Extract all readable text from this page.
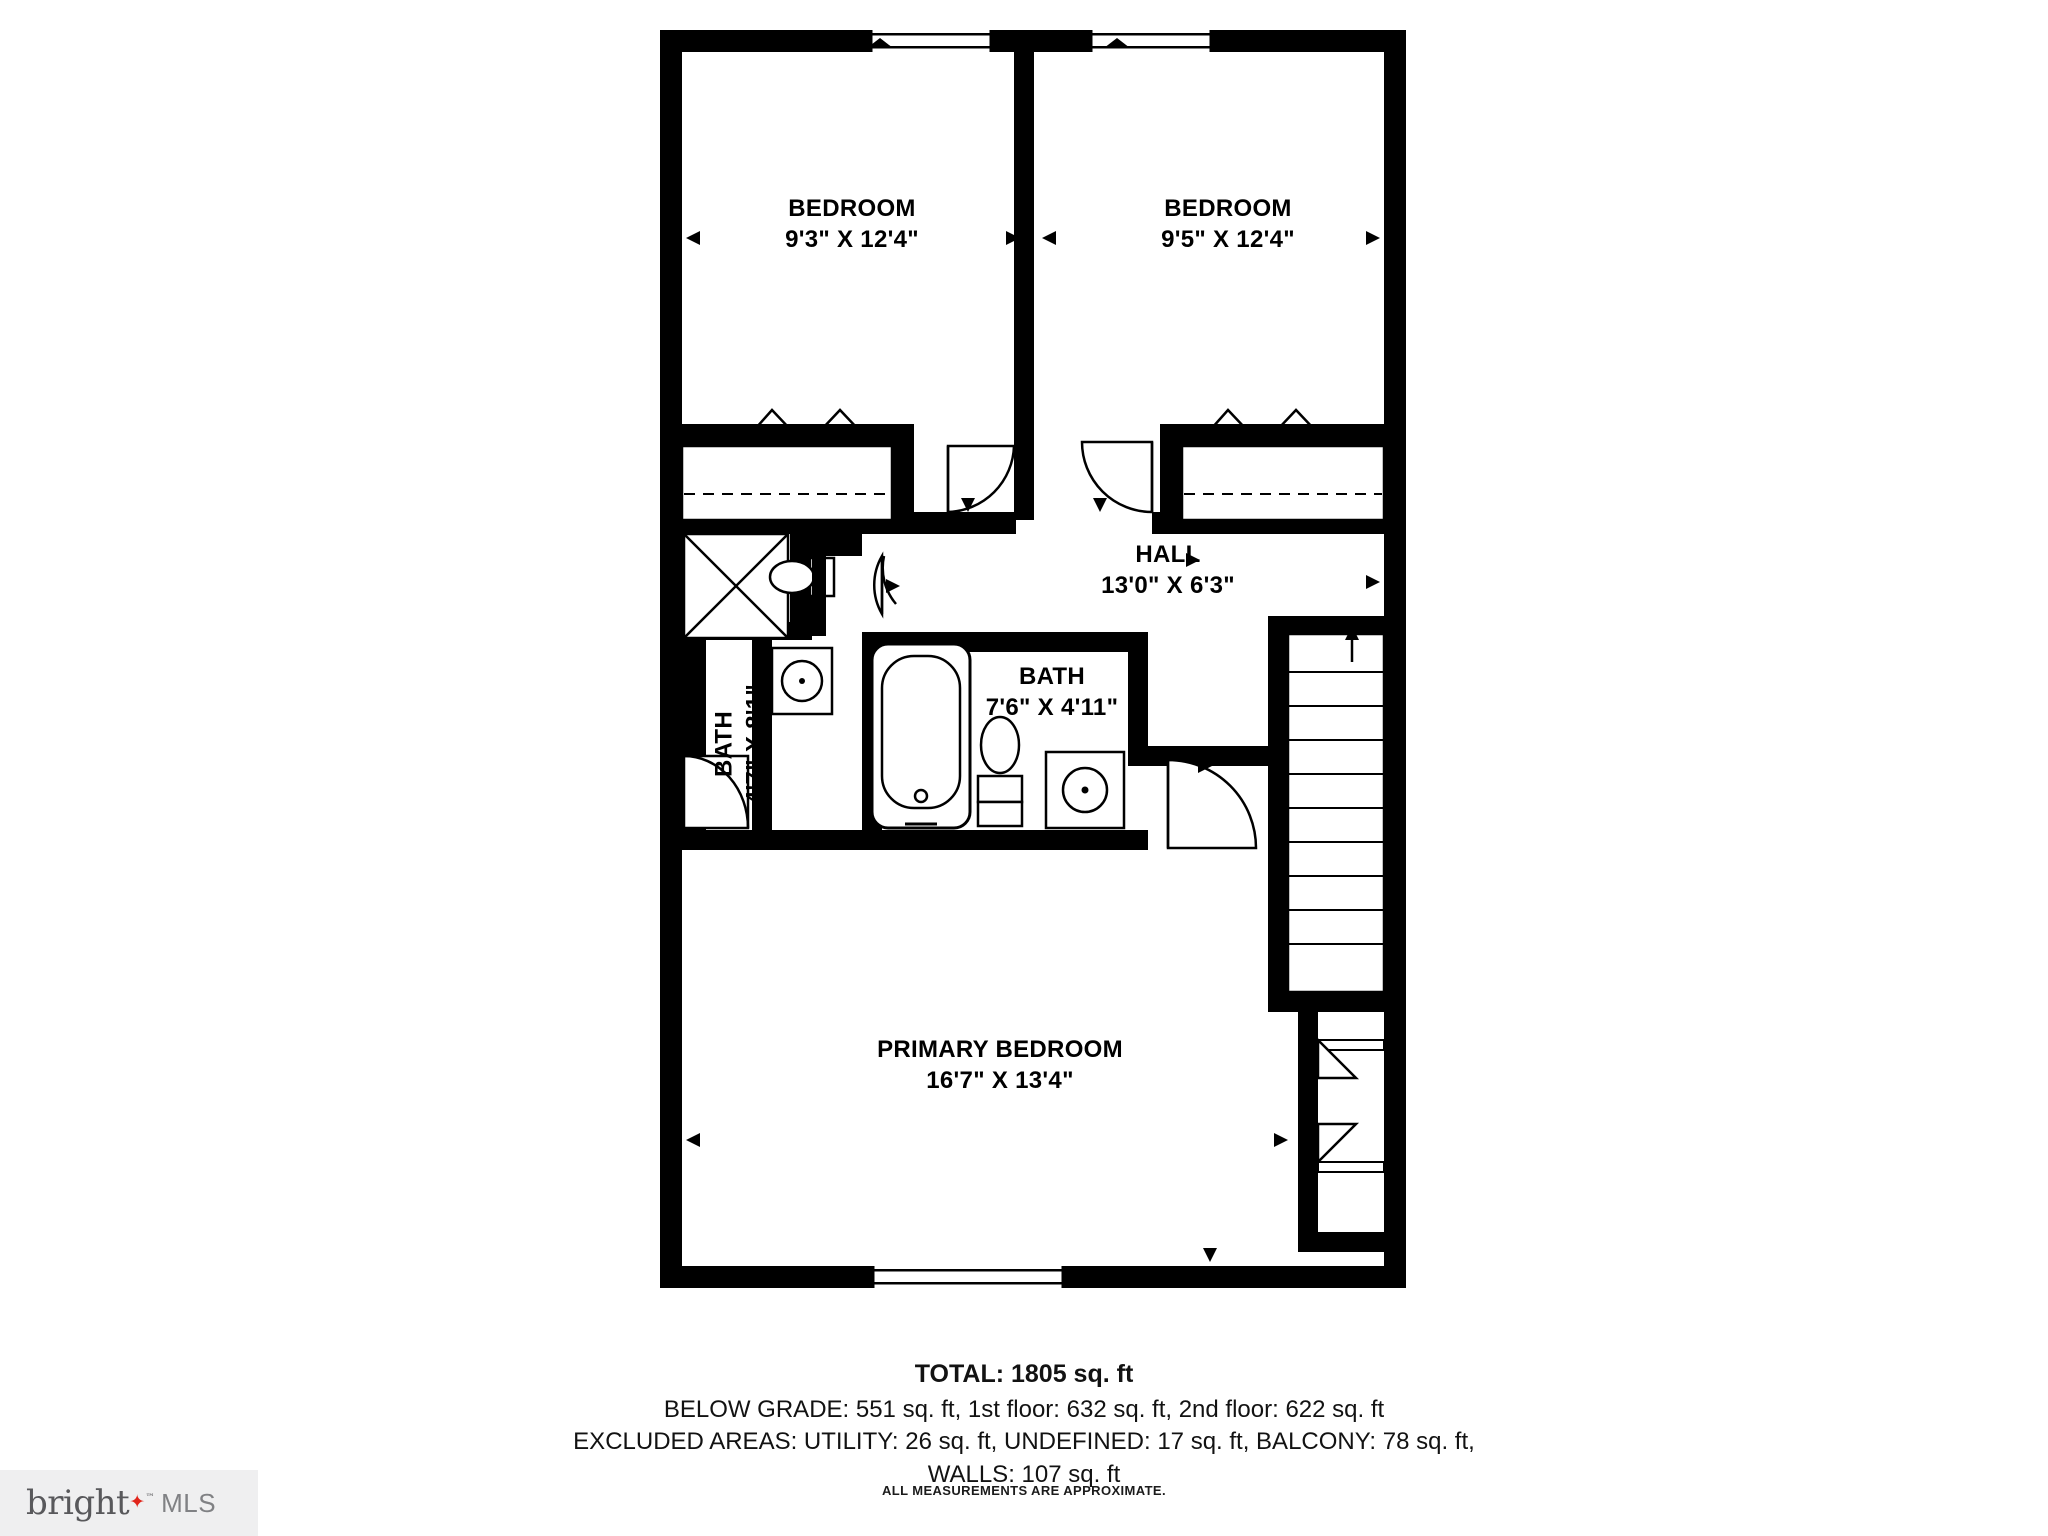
BEDROOM
9'3" X 12'4"
BEDROOM
9'5" X 12'4"
HALL
13'0" X 6'3"
BATH
7'6" X 4'11"
BATH 4'7" X 8'1"
PRIMARY BEDROOM
16'7" X 13'4"
TOTAL: 1805 sq. ft
BELOW GRADE: 551 sq. ft, 1st floor: 632 sq. ft, 2nd floor: 622 sq. ft
EXCLUDED AREAS: UTILITY: 26 sq. ft, UNDEFINED: 17 sq. ft, BALCONY: 78 sq. ft,
WALLS: 107 sq. ft
ALL MEASUREMENTS ARE APPROXIMATE.
bright✦™ MLS
